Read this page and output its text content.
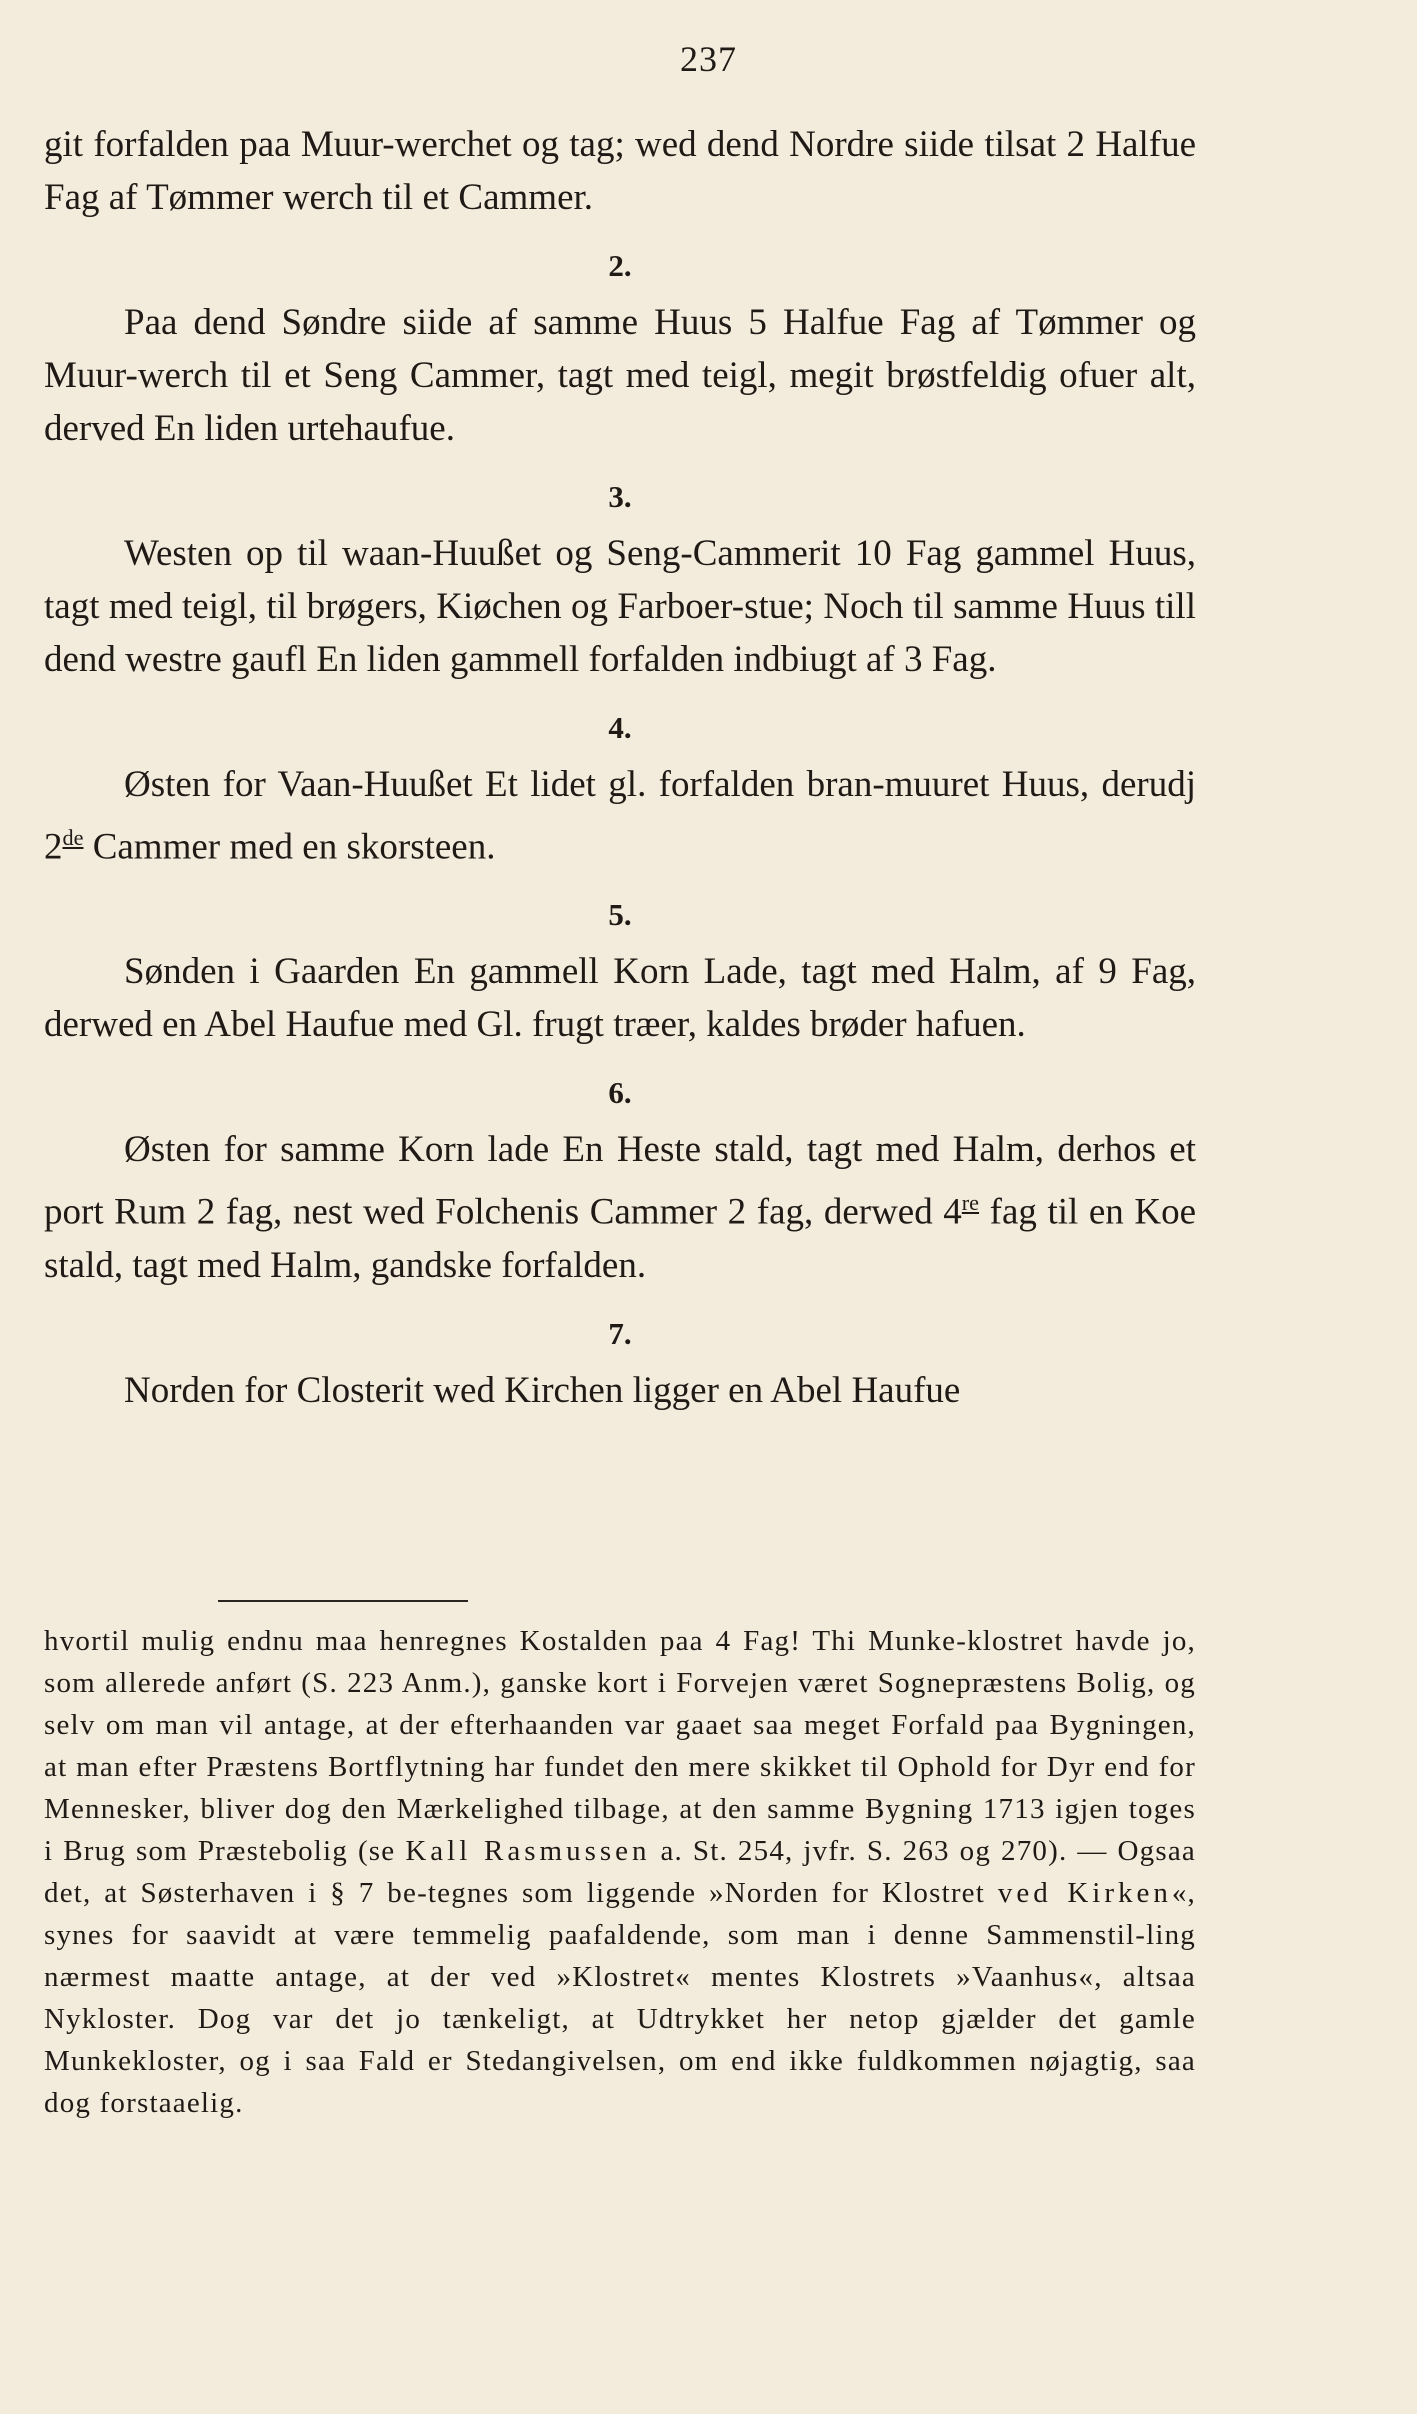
237

git forfalden paa Muur-werchet og tag; wed dend Nordre siide tilsat 2 Halfue Fag af Tømmer werch til et Cammer.

2.

Paa dend Søndre siide af samme Huus 5 Halfue Fag af Tømmer og Muur-werch til et Seng Cammer, tagt med teigl, megit brøstfeldig ofuer alt, derved En liden urtehaufue.

3.

Westen op til waan-Huußet og Seng-Cammerit 10 Fag gammel Huus, tagt med teigl, til brøgers, Kiøchen og Farboer-stue; Noch til samme Huus till dend westre gaufl En liden gammell forfalden indbiugt af 3 Fag.

4.

Østen for Vaan-Huußet Et lidet gl. forfalden bran-muuret Huus, derudj 2de Cammer med en skorsteen.

5.

Sønden i Gaarden En gammell Korn Lade, tagt med Halm, af 9 Fag, derwed en Abel Haufue med Gl. frugt træer, kaldes brøder hafuen.

6.

Østen for samme Korn lade En Heste stald, tagt med Halm, derhos et port Rum 2 fag, nest wed Folchenis Cammer 2 fag, derwed 4re fag til en Koe stald, tagt med Halm, gandske forfalden.

7.

Norden for Closterit wed Kirchen ligger en Abel Haufue

hvortil mulig endnu maa henregnes Kostalden paa 4 Fag! Thi Munke-klostret havde jo, som allerede anført (S. 223 Anm.), ganske kort i Forvejen været Sognepræstens Bolig, og selv om man vil antage, at der efterhaanden var gaaet saa meget Forfald paa Bygningen, at man efter Præstens Bortflytning har fundet den mere skikket til Ophold for Dyr end for Mennesker, bliver dog den Mærkelighed tilbage, at den samme Bygning 1713 igjen toges i Brug som Præstebolig (se Kall Rasmussen a. St. 254, jvfr. S. 263 og 270). — Ogsaa det, at Søsterhaven i § 7 be-tegnes som liggende »Norden for Klostret ved Kirken«, synes for saavidt at være temmelig paafaldende, som man i denne Sammenstil-ling nærmest maatte antage, at der ved »Klostret« mentes Klostrets »Vaanhus«, altsaa Nykloster. Dog var det jo tænkeligt, at Udtrykket her netop gjælder det gamle Munkekloster, og i saa Fald er Stedangivelsen, om end ikke fuldkommen nøjagtig, saa dog forstaaelig.
